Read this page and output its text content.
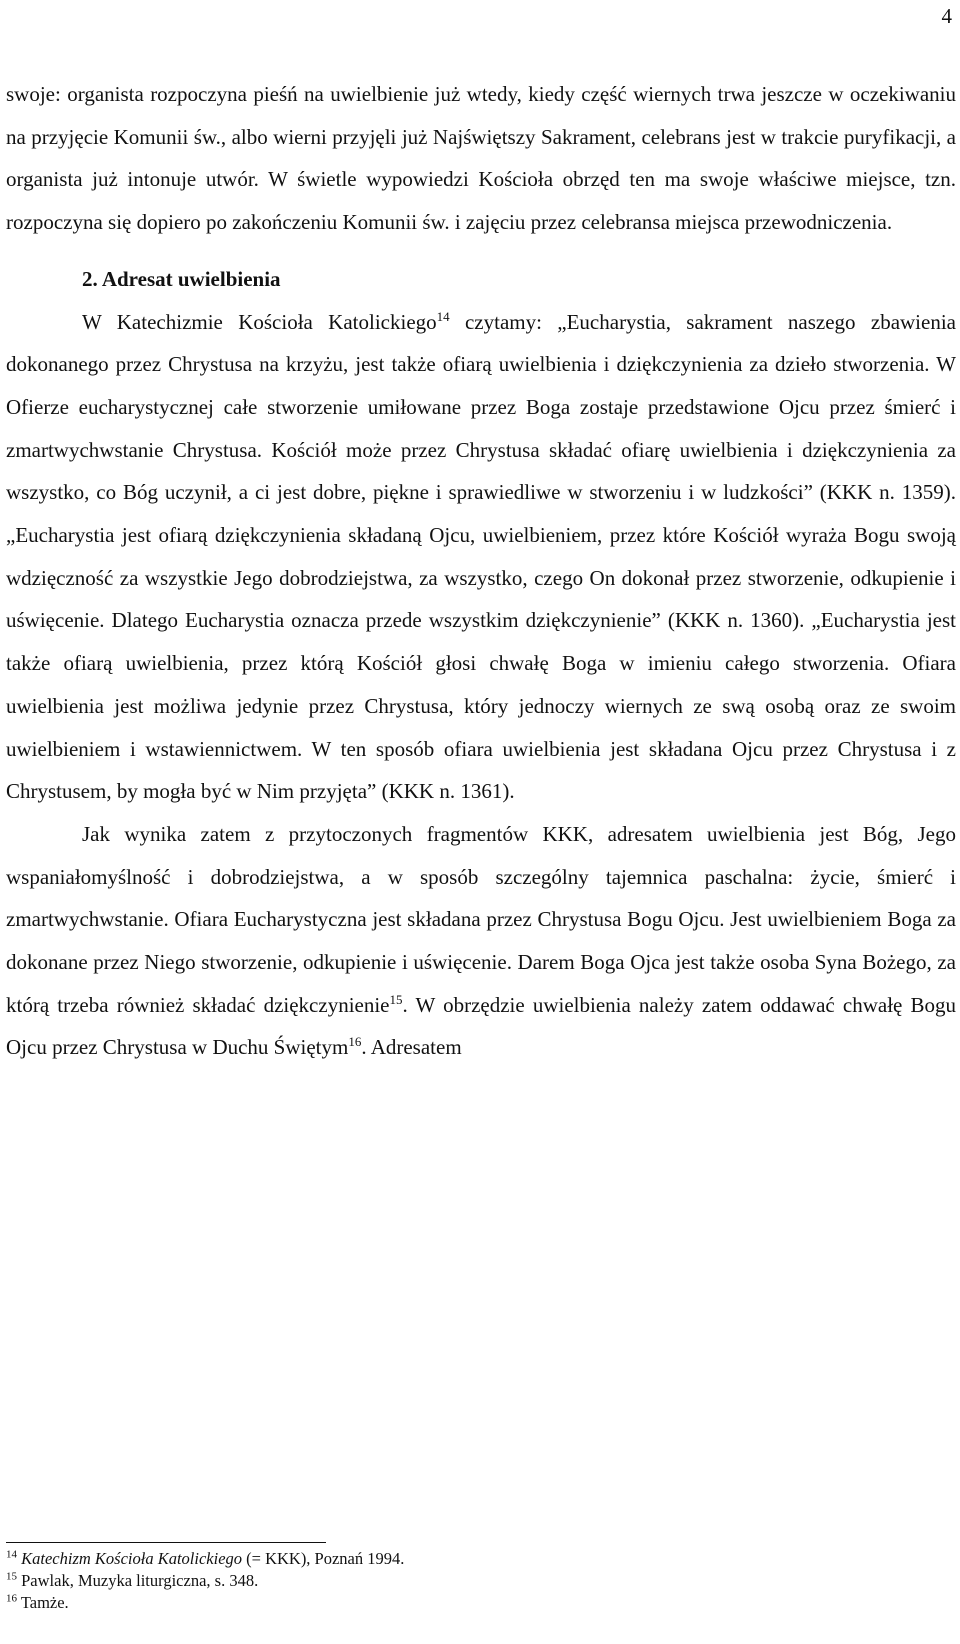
4

swoje: organista rozpoczyna pieśń na uwielbienie już wtedy, kiedy część wiernych trwa jeszcze w oczekiwaniu na przyjęcie Komunii św., albo wierni przyjęli już Najświętszy Sakrament, celebrans jest w trakcie puryfikacji, a organista już intonuje utwór. W świetle wypowiedzi Kościoła obrzęd ten ma swoje właściwe miejsce, tzn. rozpoczyna się dopiero po zakończeniu Komunii św. i zajęciu przez celebransa miejsca przewodniczenia.

2. Adresat uwielbienia

W Katechizmie Kościoła Katolickiego$^{14}$ czytamy: „Eucharystia, sakrament naszego zbawienia dokonanego przez Chrystusa na krzyżu, jest także ofiarą uwielbienia i dziękczynienia za dzieło stworzenia. W Ofierze eucharystycznej całe stworzenie umiłowane przez Boga zostaje przedstawione Ojcu przez śmierć i zmartwychwstanie Chrystusa. Kościół może przez Chrystusa składać ofiarę uwielbienia i dziękczynienia za wszystko, co Bóg uczynił, a ci jest dobre, piękne i sprawiedliwe w stworzeniu i w ludzkości” (KKK n. 1359). „Eucharystia jest ofiarą dziękczynienia składaną Ojcu, uwielbieniem, przez które Kościół wyraża Bogu swoją wdzięczność za wszystkie Jego dobrodziejstwa, za wszystko, czego On dokonał przez stworzenie, odkupienie i uświęcenie. Dlatego Eucharystia oznacza przede wszystkim dziękczynienie” (KKK n. 1360). „Eucharystia jest także ofiarą uwielbienia, przez którą Kościół głosi chwałę Boga w imieniu całego stworzenia. Ofiara uwielbienia jest możliwa jedynie przez Chrystusa, który jednoczy wiernych ze swą osobą oraz ze swoim uwielbieniem i wstawiennictwem. W ten sposób ofiara uwielbienia jest składana Ojcu przez Chrystusa i z Chrystusem, by mogła być w Nim przyjęta” (KKK n. 1361).

Jak wynika zatem z przytoczonych fragmentów KKK, adresatem uwielbienia jest Bóg, Jego wspaniałomyślność i dobrodziejstwa, a w sposób szczególny tajemnica paschalna: życie, śmierć i zmartwychwstanie. Ofiara Eucharystyczna jest składana przez Chrystusa Bogu Ojcu. Jest uwielbieniem Boga za dokonane przez Niego stworzenie, odkupienie i uświęcenie. Darem Boga Ojca jest także osoba Syna Bożego, za którą trzeba również składać dziękczynienie$^{15}$. W obrzędzie uwielbienia należy zatem oddawać chwałę Bogu Ojcu przez Chrystusa w Duchu Świętym$^{16}$. Adresatem

$^{14}$ Katechizm Kościoła Katolickiego (= KKK), Poznań 1994.

$^{15}$ Pawlak, Muzyka liturgiczna, s. 348.

$^{16}$ Tamże.
